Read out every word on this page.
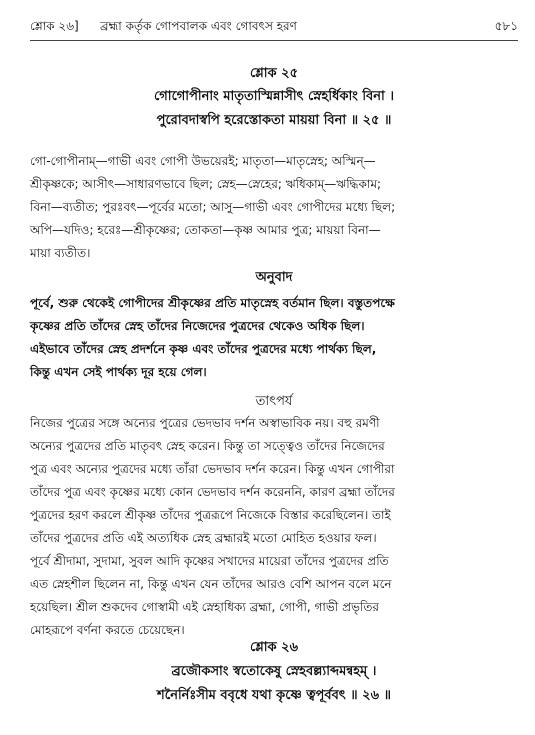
শ্লোক ২৬] ব্রহ্মা কর্তৃক গোপবালক এবং গোবৎস হরণ	৫৮১
শ্লোক ২৫
গোগোপীনাং মাতৃতাস্মিন্নাসীৎ স্নেহর্ধিকাং বিনা ।
পুরোবদাস্বপি হরেস্তোকতা মায়য়া বিনা ॥ ২৫ ॥

গো-গোপীনাম্—গাভী এবং গোপী উভয়েরই; মাতৃতা—মাতৃস্নেহ; অস্মিন্—

শ্রীকৃষ্ণকে; আসীৎ—সাধারণভাবে ছিল; স্নেহ—স্নেহের; ঋধিকাম্—ঋদ্ধিকাম;

বিনা—ব্যতীত; পুরঃবৎ—পূর্বের মতো; আসু—গাভী এবং গোপীদের মধ্যে ছিল;

অপি—যদিও; হরেঃ—শ্রীকৃষ্ণের; তোকতা—কৃষ্ণ আমার পুত্র; মায়য়া বিনা—

মায়া ব্যতীত।

অনুবাদ

পূর্বে, শুরু থেকেই গোপীদের শ্রীকৃষ্ণের প্রতি মাতৃস্নেহ বর্তমান ছিল। বস্তুতপক্ষে

কৃষ্ণের প্রতি তাঁদের স্নেহ তাঁদের নিজেদের পুত্রদের থেকেও অধিক ছিল।

এইভাবে তাঁদের স্নেহ প্রদর্শনে কৃষ্ণ এবং তাঁদের পুত্রদের মধ্যে পার্থক্য ছিল,

কিন্তু এখন সেই পার্থক্য দূর হয়ে গেল।

তাৎপর্য

নিজের পুত্রের সঙ্গে অন্যের পুত্রের ভেদভাব দর্শন অস্বাভাবিক নয়। বহু রমণী

অন্যের পুত্রদের প্রতি মাতৃবৎ স্নেহ করেন। কিন্তু তা সত্ত্বেও তাঁদের নিজেদের

পুত্র এবং অন্যের পুত্রদের মধ্যে তাঁরা ভেদভাব দর্শন করেন। কিন্তু এখন গোপীরা

তাঁদের পুত্র এবং কৃষ্ণের মধ্যে কোন ভেদভাব দর্শন করেননি, কারণ ব্রহ্মা তাঁদের

পুত্রদের হরণ করলে শ্রীকৃষ্ণ তাঁদের পুত্ররূপে নিজেকে বিস্তার করেছিলেন। তাই

তাঁদের পুত্রদের প্রতি এই অত্যধিক স্নেহ ব্রহ্মারই মতো মোহিত হওয়ার ফল।

পূর্বে শ্রীদামা, সুদামা, সুবল আদি কৃষ্ণের সখাদের মায়েরা তাঁদের পুত্রদের প্রতি

এত স্নেহশীল ছিলেন না, কিন্তু এখন যেন তাঁদের আরও বেশি আপন বলে মনে

হয়েছিল। শ্রীল শুকদেব গোস্বামী এই স্নেহাধিক্য ব্রহ্মা, গোপী, গাভী প্রভৃতির

মোহরূপে বর্ণনা করতে চেয়েছেন।

শ্লোক ২৬
ব্রজৌকসাং স্বতোকেষু স্নেহবল্ল্যাব্দমন্বহম্ ।
শনৈর্নিঃসীম ববৃধে যথা কৃষ্ণে ত্বপূর্ববৎ ॥ ২৬ ॥
